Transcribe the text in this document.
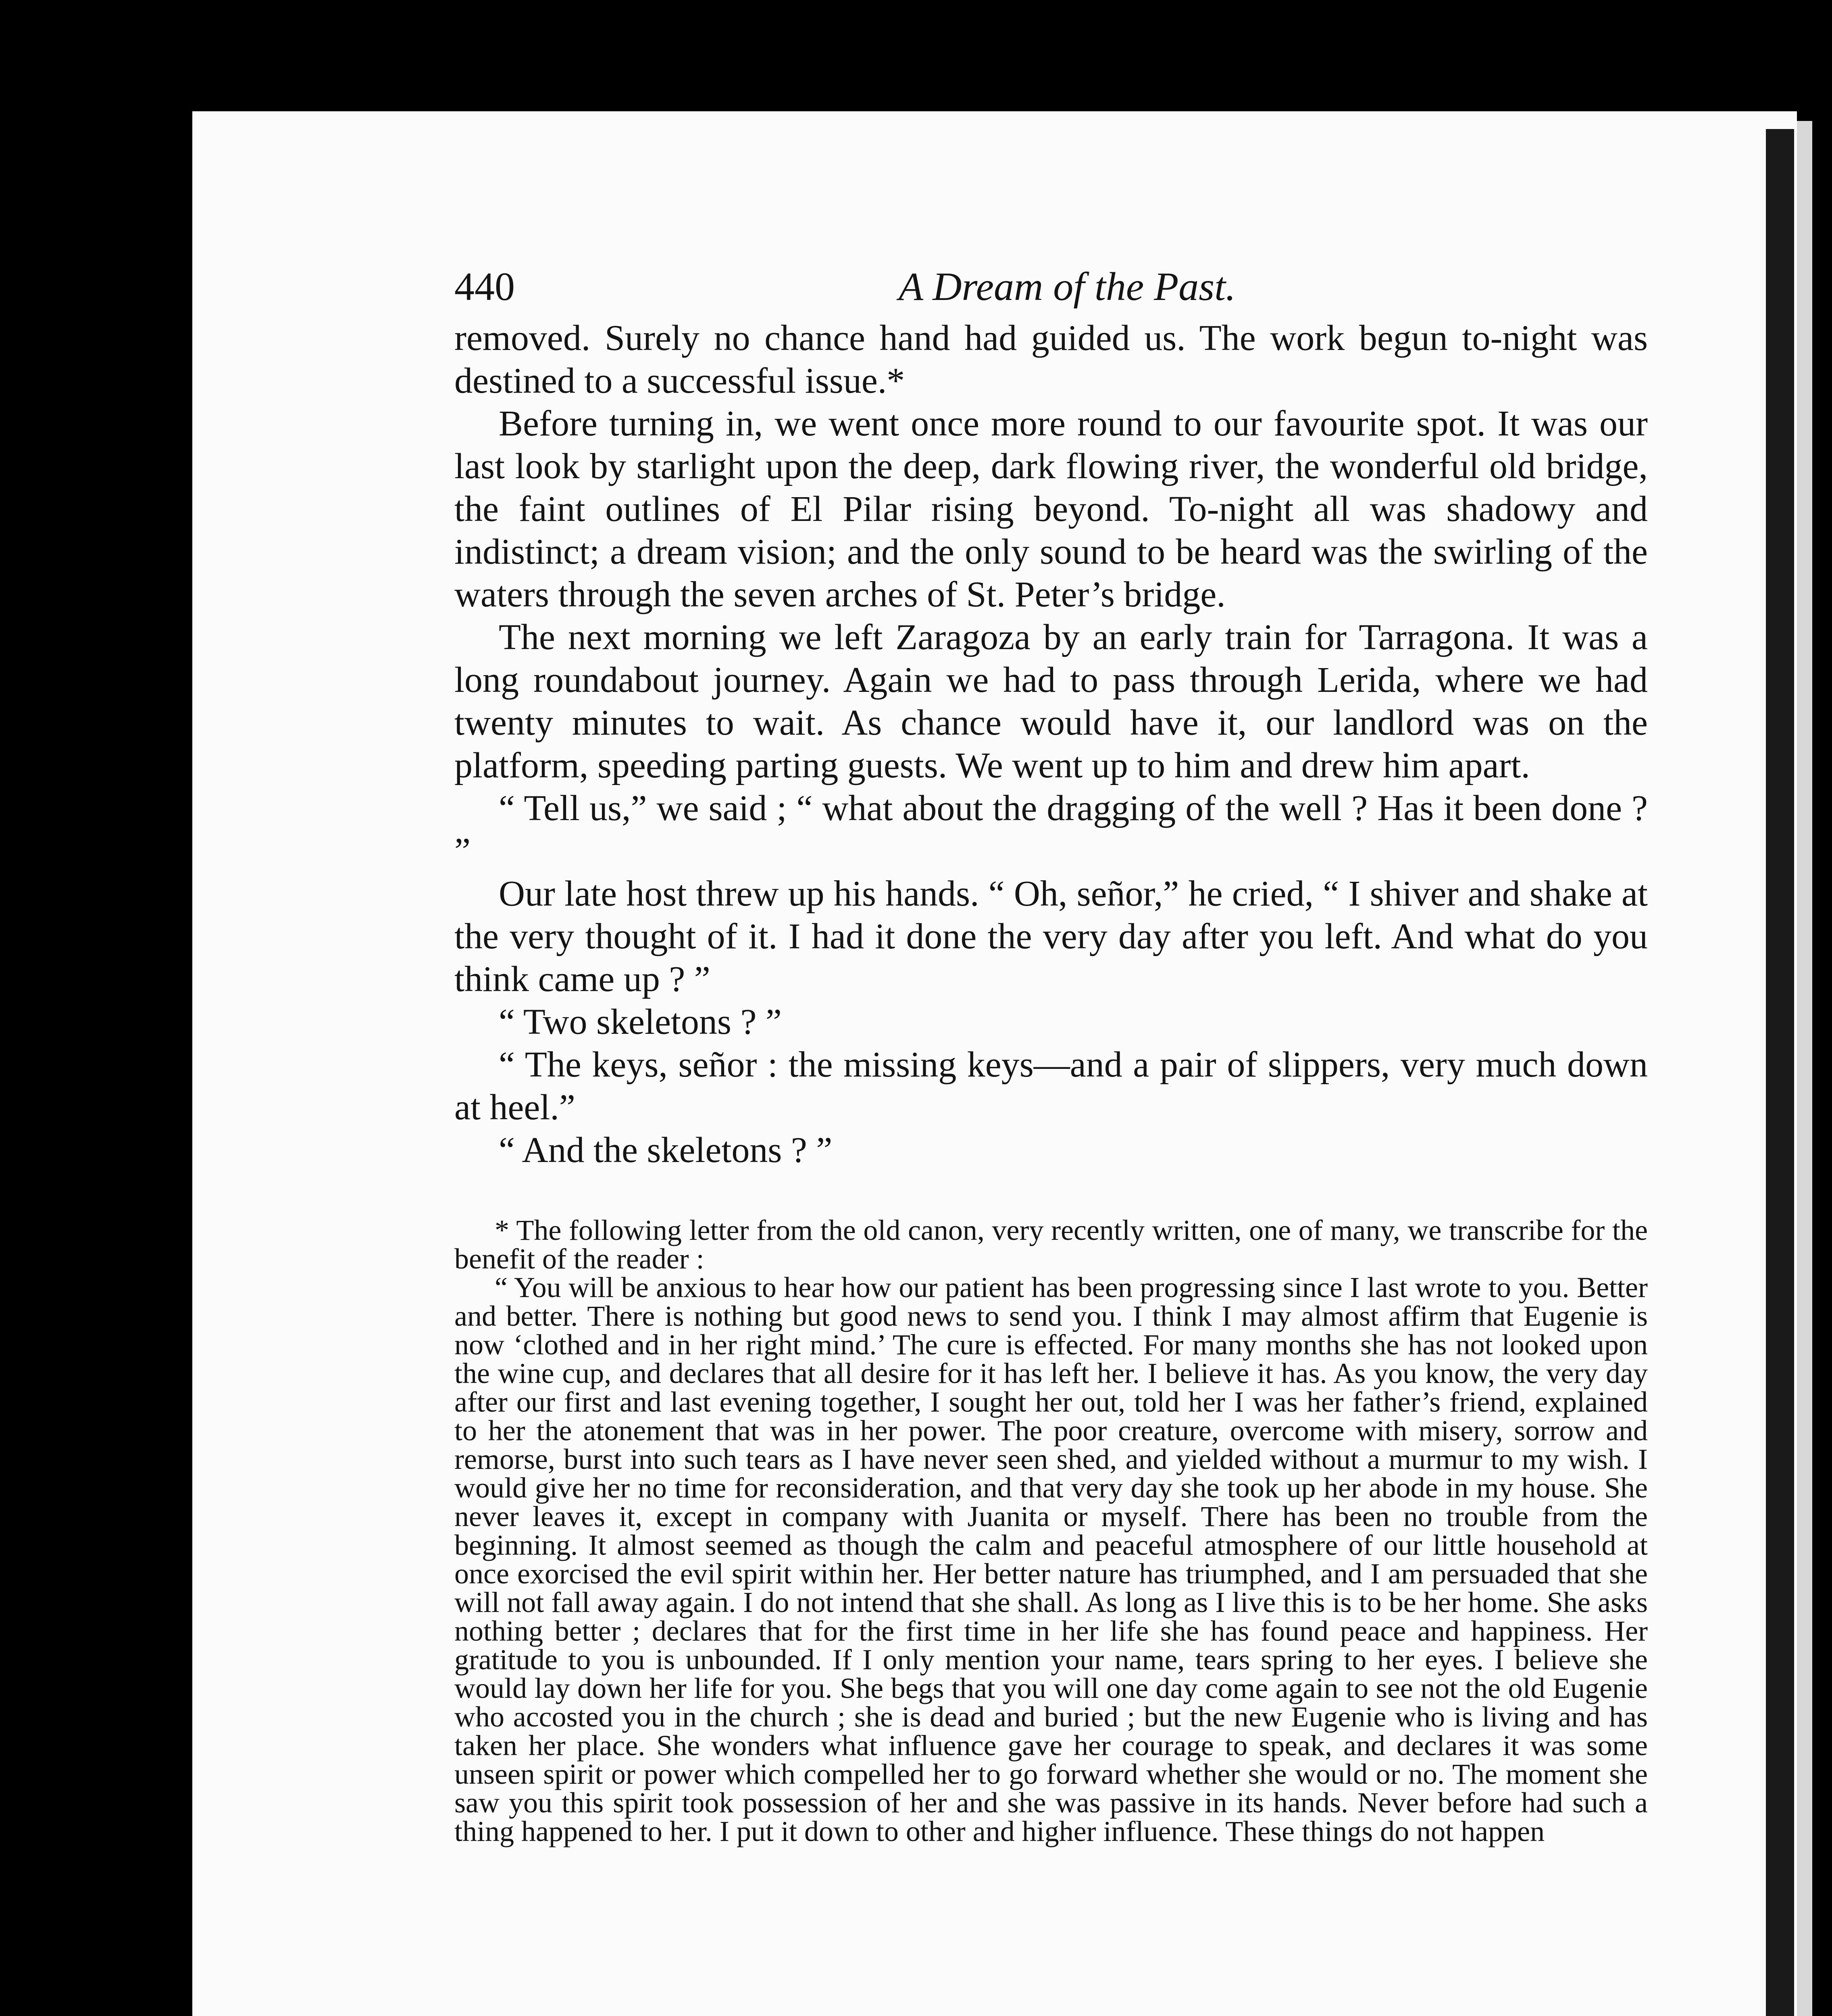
440	A Dream of the Past.

removed. Surely no chance hand had guided us. The work begun to-night was destined to a successful issue.*

Before turning in, we went once more round to our favourite spot. It was our last look by starlight upon the deep, dark flowing river, the wonderful old bridge, the faint outlines of El Pilar rising beyond. To-night all was shadowy and indistinct; a dream vision; and the only sound to be heard was the swirling of the waters through the seven arches of St. Peter’s bridge.

The next morning we left Zaragoza by an early train for Tarragona. It was a long roundabout journey. Again we had to pass through Lerida, where we had twenty minutes to wait. As chance would have it, our landlord was on the platform, speeding parting guests. We went up to him and drew him apart.

“ Tell us,” we said ; “ what about the dragging of the well ? Has it been done ? ”

Our late host threw up his hands. “ Oh, señor,” he cried, “ I shiver and shake at the very thought of it. I had it done the very day after you left. And what do you think came up ? ”

“ Two skeletons ? ”

“ The keys, señor : the missing keys—and a pair of slippers, very much down at heel.”

“ And the skeletons ? ”

* The following letter from the old canon, very recently written, one of many, we transcribe for the benefit of the reader :

“ You will be anxious to hear how our patient has been progressing since I last wrote to you. Better and better. There is nothing but good news to send you. I think I may almost affirm that Eugenie is now ‘clothed and in her right mind.’ The cure is effected. For many months she has not looked upon the wine cup, and declares that all desire for it has left her. I believe it has. As you know, the very day after our first and last evening together, I sought her out, told her I was her father’s friend, explained to her the atonement that was in her power. The poor creature, overcome with misery, sorrow and remorse, burst into such tears as I have never seen shed, and yielded without a murmur to my wish. I would give her no time for reconsideration, and that very day she took up her abode in my house. She never leaves it, except in company with Juanita or myself. There has been no trouble from the beginning. It almost seemed as though the calm and peaceful atmosphere of our little household at once exorcised the evil spirit within her. Her better nature has triumphed, and I am persuaded that she will not fall away again. I do not intend that she shall. As long as I live this is to be her home. She asks nothing better ; declares that for the first time in her life she has found peace and happiness. Her gratitude to you is unbounded. If I only mention your name, tears spring to her eyes. I believe she would lay down her life for you. She begs that you will one day come again to see not the old Eugenie who accosted you in the church ; she is dead and buried ; but the new Eugenie who is living and has taken her place. She wonders what influence gave her courage to speak, and declares it was some unseen spirit or power which compelled her to go forward whether she would or no. The moment she saw you this spirit took possession of her and she was passive in its hands. Never before had such a thing happened to her. I put it down to other and higher influence. These things do not happen
